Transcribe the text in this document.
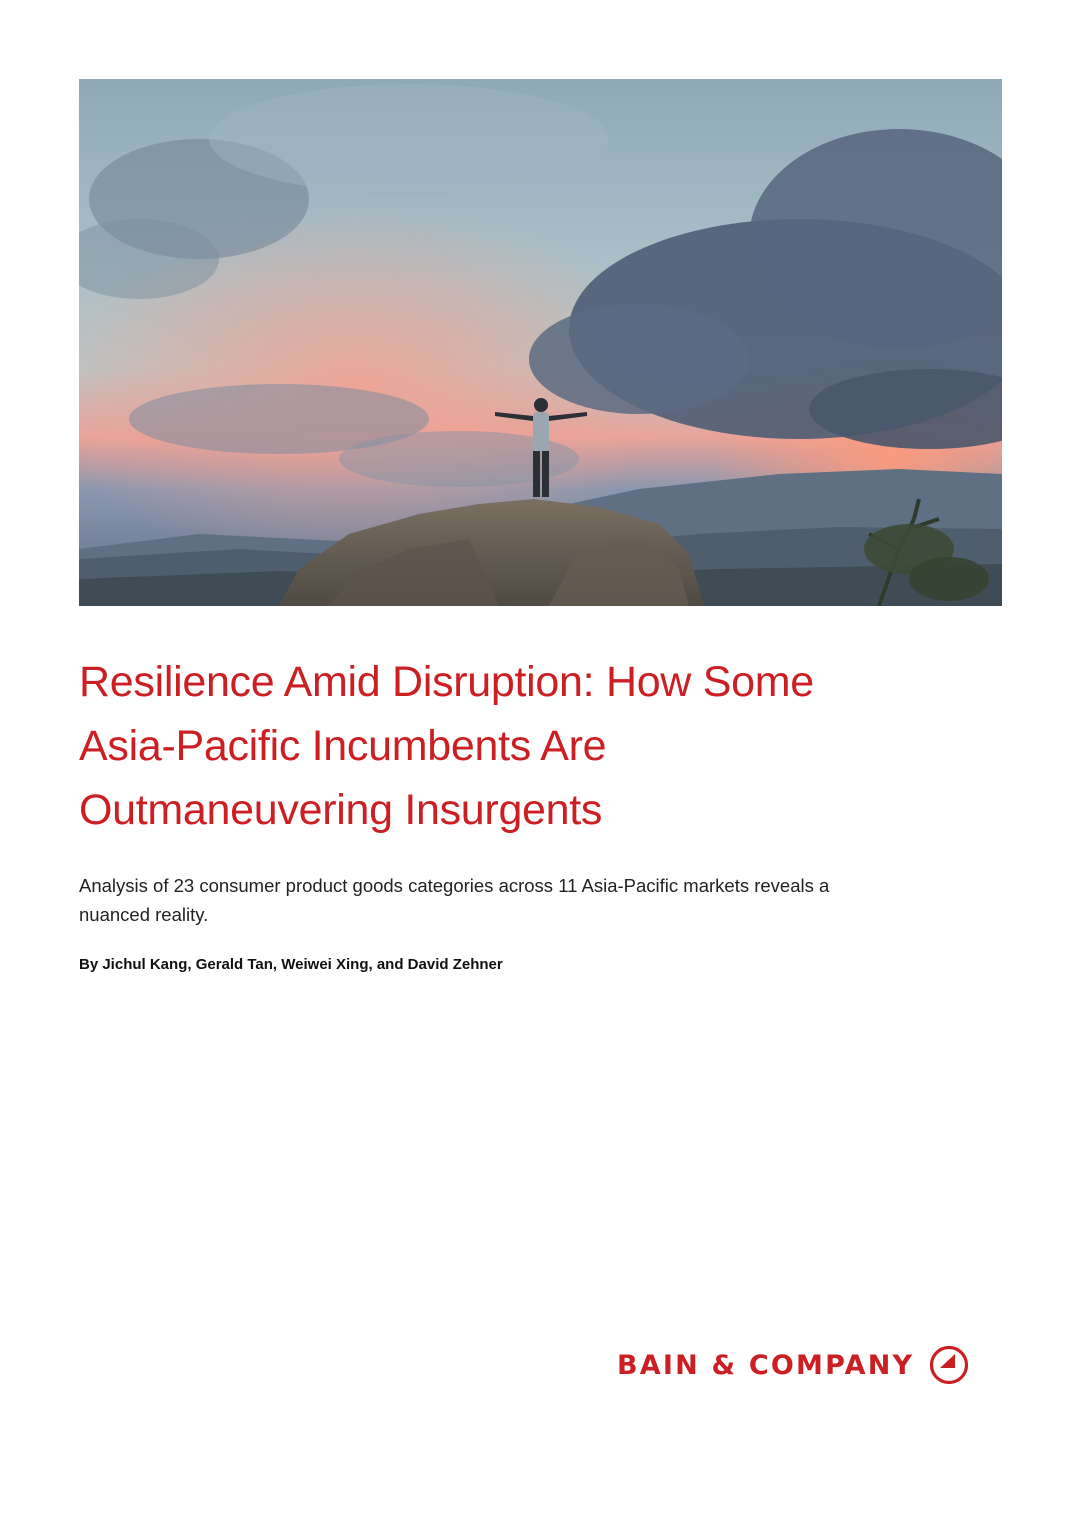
Resilience Amid Disruption: How Some
Asia-Pacific Incumbents Are
Outmaneuvering Insurgents

Analysis of 23 consumer product goods categories across 11 Asia-Pacific markets reveals a
nuanced reality.

By Jichul Kang, Gerald Tan, Weiwei Xing, and David Zehner

BAIN & COMPANY
